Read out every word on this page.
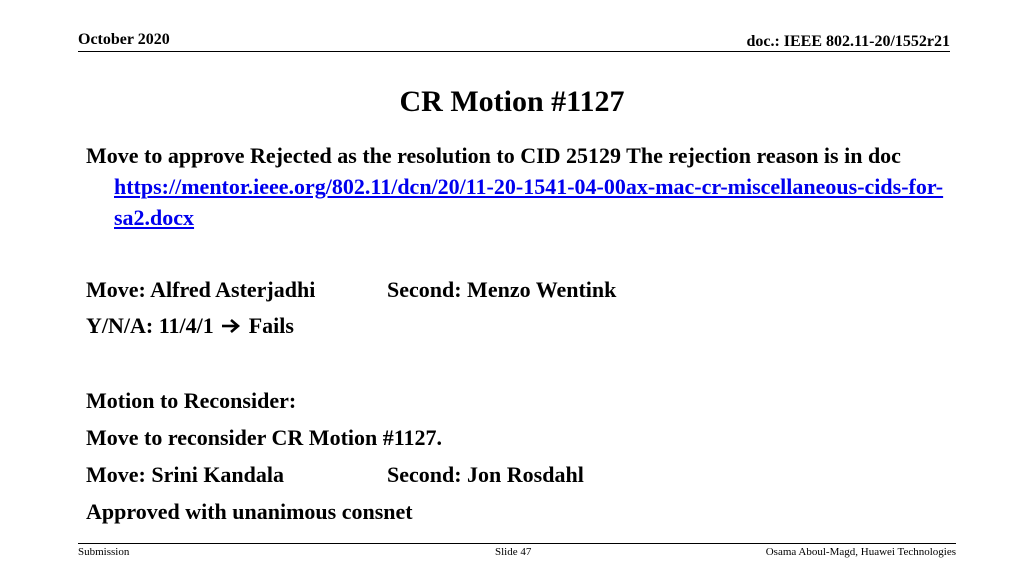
October 2020	doc.: IEEE 802.11-20/1552r21
CR Motion #1127
Move to approve Rejected as the resolution to CID 25129 The rejection reason is in doc https://mentor.ieee.org/802.11/dcn/20/11-20-1541-04-00ax-mac-cr-miscellaneous-cids-for-sa2.docx
Move: Alfred Asterjadhi	Second: Menzo Wentink
Y/N/A: 11/4/1 Fails
Motion to Reconsider:
Move to reconsider CR Motion #1127.
Move: Srini Kandala	Second: Jon Rosdahl
Approved with unanimous consnet
Submission	Slide 47	Osama Aboul-Magd, Huawei Technologies
